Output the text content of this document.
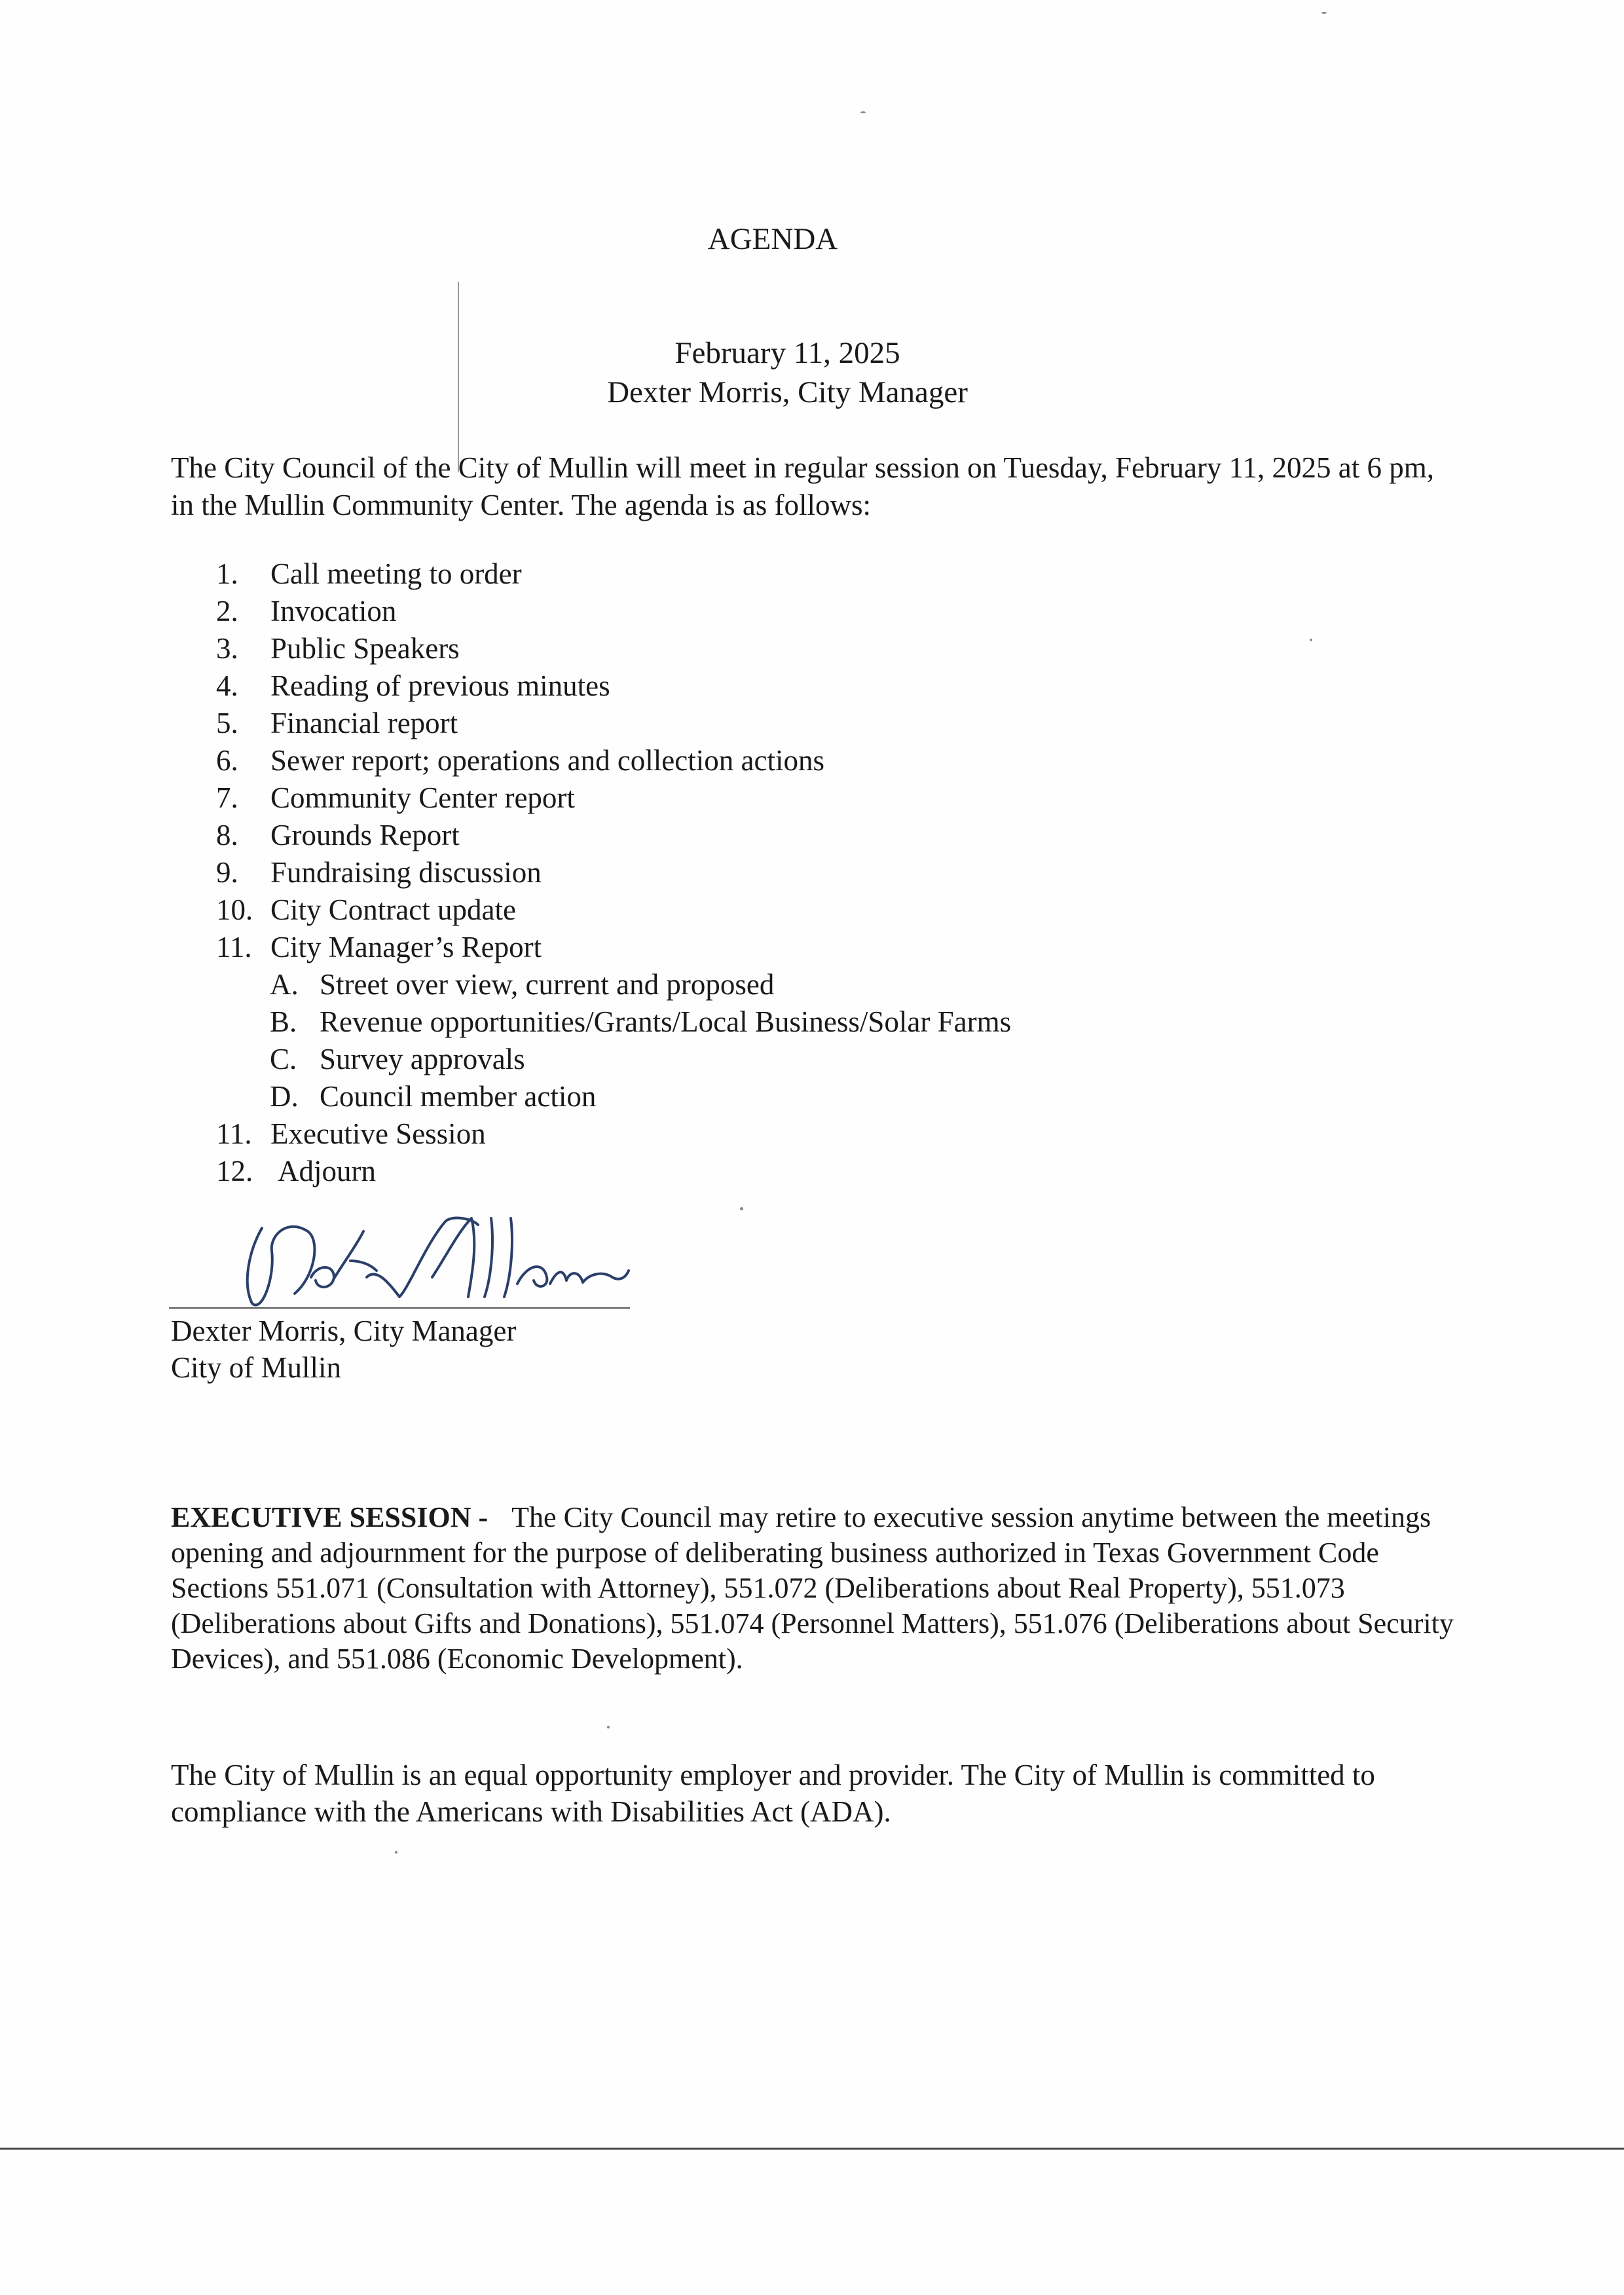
AGENDA
February 11, 2025
Dexter Morris, City Manager
The City Council of the City of Mullin will meet in regular session on Tuesday, February 11, 2025 at 6 pm, in the Mullin Community Center. The agenda is as follows:
1. Call meeting to order
2. Invocation
3. Public Speakers
4. Reading of previous minutes
5. Financial report
6. Sewer report; operations and collection actions
7. Community Center report
8. Grounds Report
9. Fundraising discussion
10. City Contract update
11. City Manager’s Report
A. Street over view, current and proposed
B. Revenue opportunities/Grants/Local Business/Solar Farms
C. Survey approvals
D. Council member action
11. Executive Session
12. Adjourn
Dexter Morris, City Manager
City of Mullin
EXECUTIVE SESSION - The City Council may retire to executive session anytime between the meetings opening and adjournment for the purpose of deliberating business authorized in Texas Government Code Sections 551.071 (Consultation with Attorney), 551.072 (Deliberations about Real Property), 551.073 (Deliberations about Gifts and Donations), 551.074 (Personnel Matters), 551.076 (Deliberations about Security Devices), and 551.086 (Economic Development).
The City of Mullin is an equal opportunity employer and provider. The City of Mullin is committed to compliance with the Americans with Disabilities Act (ADA).
